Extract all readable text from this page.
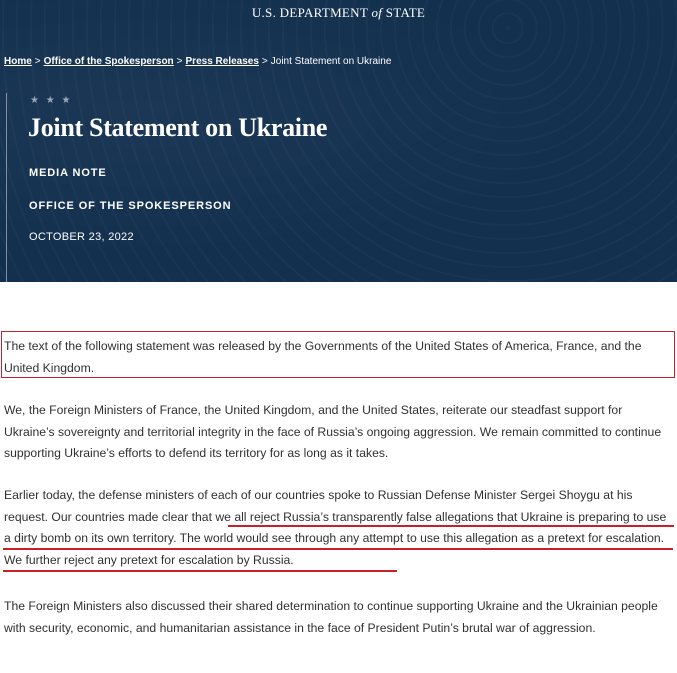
U.S. DEPARTMENT of STATE
Home > Office of the Spokesperson > Press Releases > Joint Statement on Ukraine
★ ★ ★
Joint Statement on Ukraine
MEDIA NOTE
OFFICE OF THE SPOKESPERSON
OCTOBER 23, 2022

The text of the following statement was released by the Governments of the United States of America, France, and the United Kingdom.

We, the Foreign Ministers of France, the United Kingdom, and the United States, reiterate our steadfast support for Ukraine’s sovereignty and territorial integrity in the face of Russia’s ongoing aggression. We remain committed to continue supporting Ukraine’s efforts to defend its territory for as long as it takes.

Earlier today, the defense ministers of each of our countries spoke to Russian Defense Minister Sergei Shoygu at his request. Our countries made clear that we all reject Russia’s transparently false allegations that Ukraine is preparing to use a dirty bomb on its own territory. The world would see through any attempt to use this allegation as a pretext for escalation. We further reject any pretext for escalation by Russia.

The Foreign Ministers also discussed their shared determination to continue supporting Ukraine and the Ukrainian people with security, economic, and humanitarian assistance in the face of President Putin’s brutal war of aggression.
